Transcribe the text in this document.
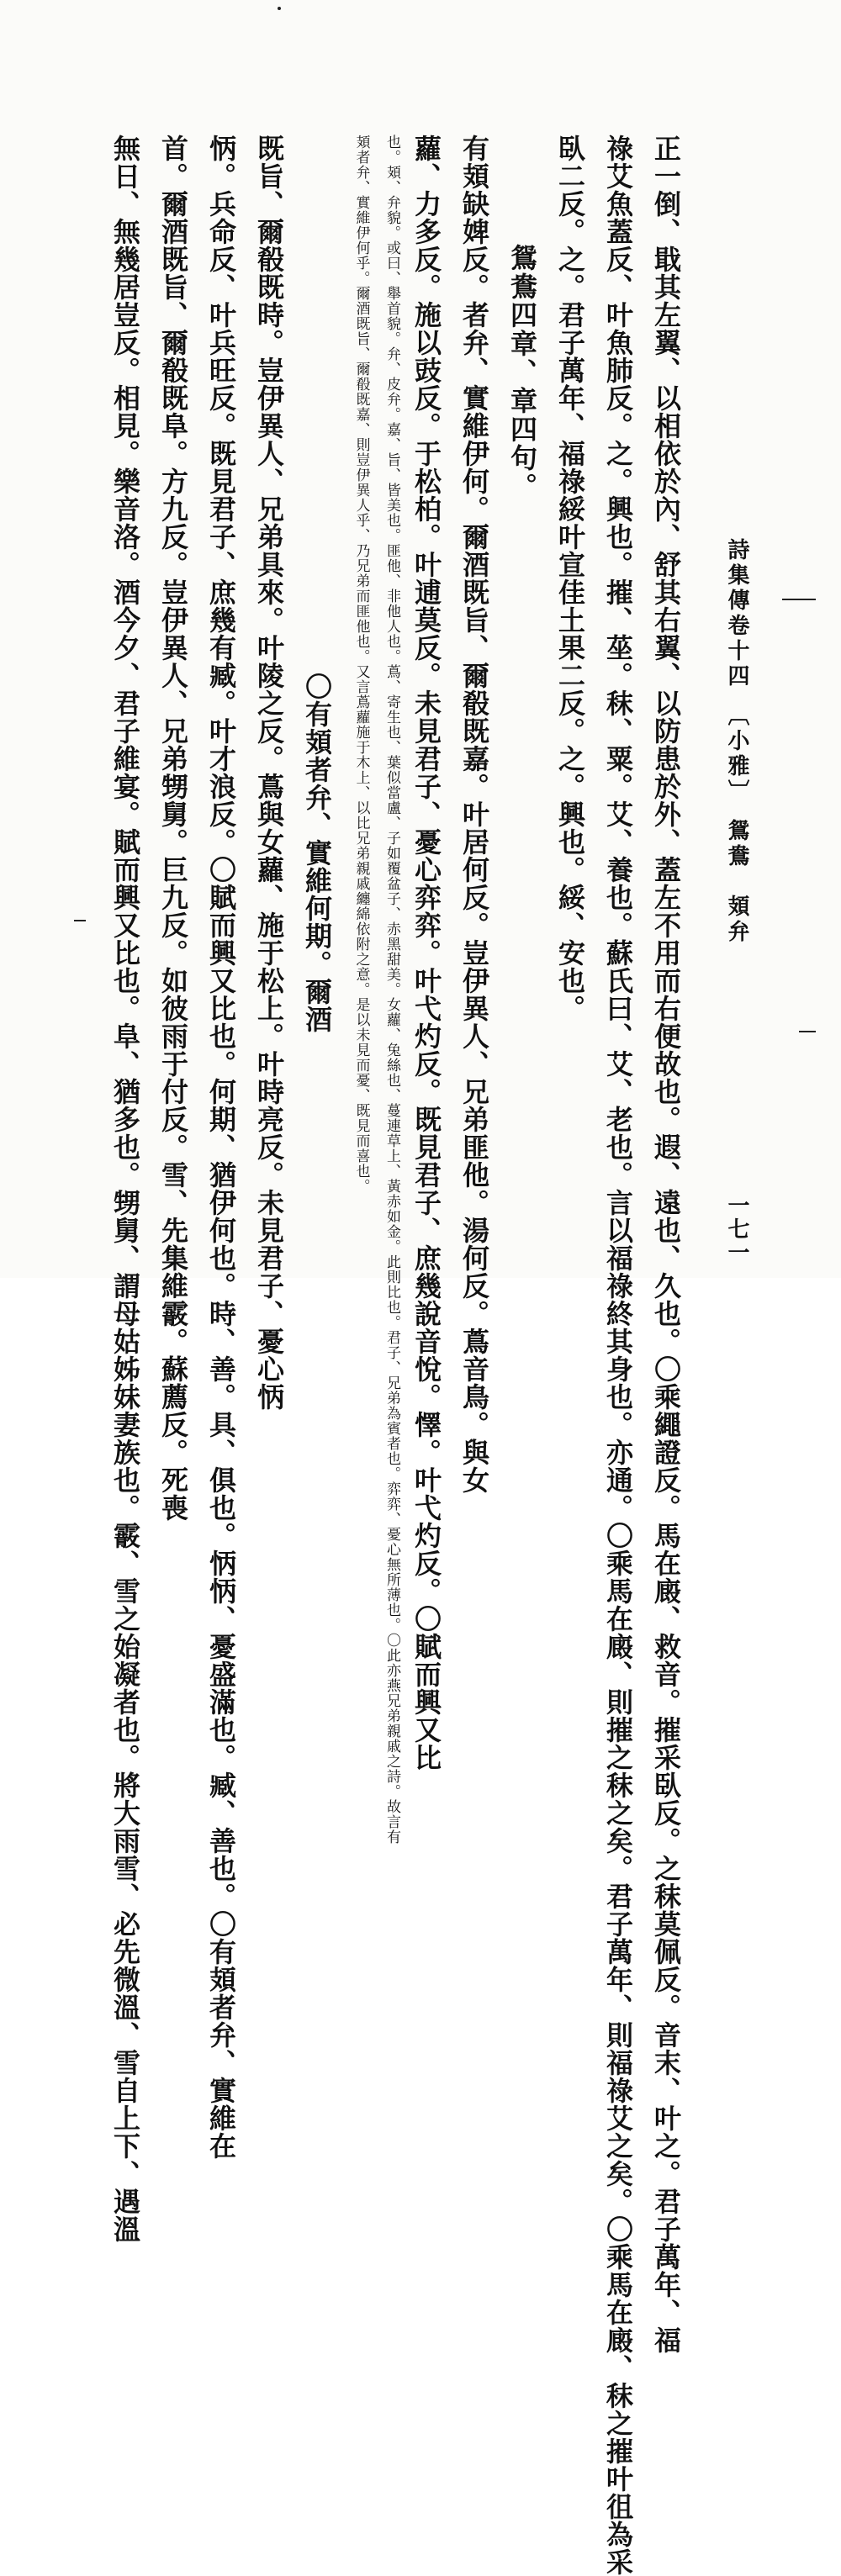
正一倒、戢其左翼、以相依於內、舒其右翼、以防患於外、蓋左不用而右便故也。遐、遠也、久也。〇乘繩證反。馬在廄、救音。摧采臥反。之秣莫佩反。音末、叶之。君子萬年、福
祿艾魚蓋反、叶魚肺反。之。興也。摧、莝。秣、粟。艾、養也。蘇氏曰、艾、老也。言以福祿終其身也。亦通。〇乘馬在廄、則摧之秣之矣。君子萬年、則福祿艾之矣。〇乘馬在廄、秣之摧叶徂為采
臥二反。之。君子萬年、福祿綏叶宣佳土果二反。之。興也。綏、安也。
鴛鴦四章、章四句。
有頍缺婢反。者弁、實維伊何。爾酒既旨、爾殽既嘉。叶居何反。豈伊異人、兄弟匪他。湯何反。蔦音鳥。與女
蘿、力多反。施以豉反。于松柏。叶逋莫反。未見君子、憂心弈弈。叶弋灼反。既見君子、庶幾說音悅。懌。叶弋灼反。〇賦而興又比
也。頍、弁貌。或曰、舉首貌。弁、皮弁。嘉、旨、皆美也。匪他、非他人也。蔦、寄生也、葉似當盧、子如覆盆子、赤黑甜美。女蘿、兔絲也、蔓連草上、黃赤如金。此則比也。君子、兄弟為賓者也。弈弈、憂心無所薄也。〇此亦燕兄弟親戚之詩。故言有
頍者弁、實維伊何乎。爾酒既旨、爾殽既嘉、則豈伊異人乎、乃兄弟而匪他也。又言蔦蘿施于木上、以比兄弟親戚纏綿依附之意。是以未見而憂、既見而喜也。
〇有頍者弁、實維何期。爾酒
既旨、爾殽既時。豈伊異人、兄弟具來。叶陵之反。蔦與女蘿、施于松上。叶時亮反。未見君子、憂心怲
怲。兵命反、叶兵旺反。既見君子、庶幾有臧。叶才浪反。〇賦而興又比也。何期、猶伊何也。時、善。具、俱也。怲怲、憂盛滿也。臧、善也。〇有頍者弁、實維在
首。爾酒既旨、爾殽既阜。方九反。豈伊異人、兄弟甥舅。巨九反。如彼雨于付反。雪、先集維霰。蘇薦反。死喪
無日、無幾居豈反。相見。樂音洛。酒今夕、君子維宴。賦而興又比也。阜、猶多也。甥舅、謂母姑姊妹妻族也。霰、雪之始凝者也。將大雨雪、必先微溫、雪自上下、遇溫	詩集傳卷十四　〔小雅〕　鴛鴦　頍弁
一七一
